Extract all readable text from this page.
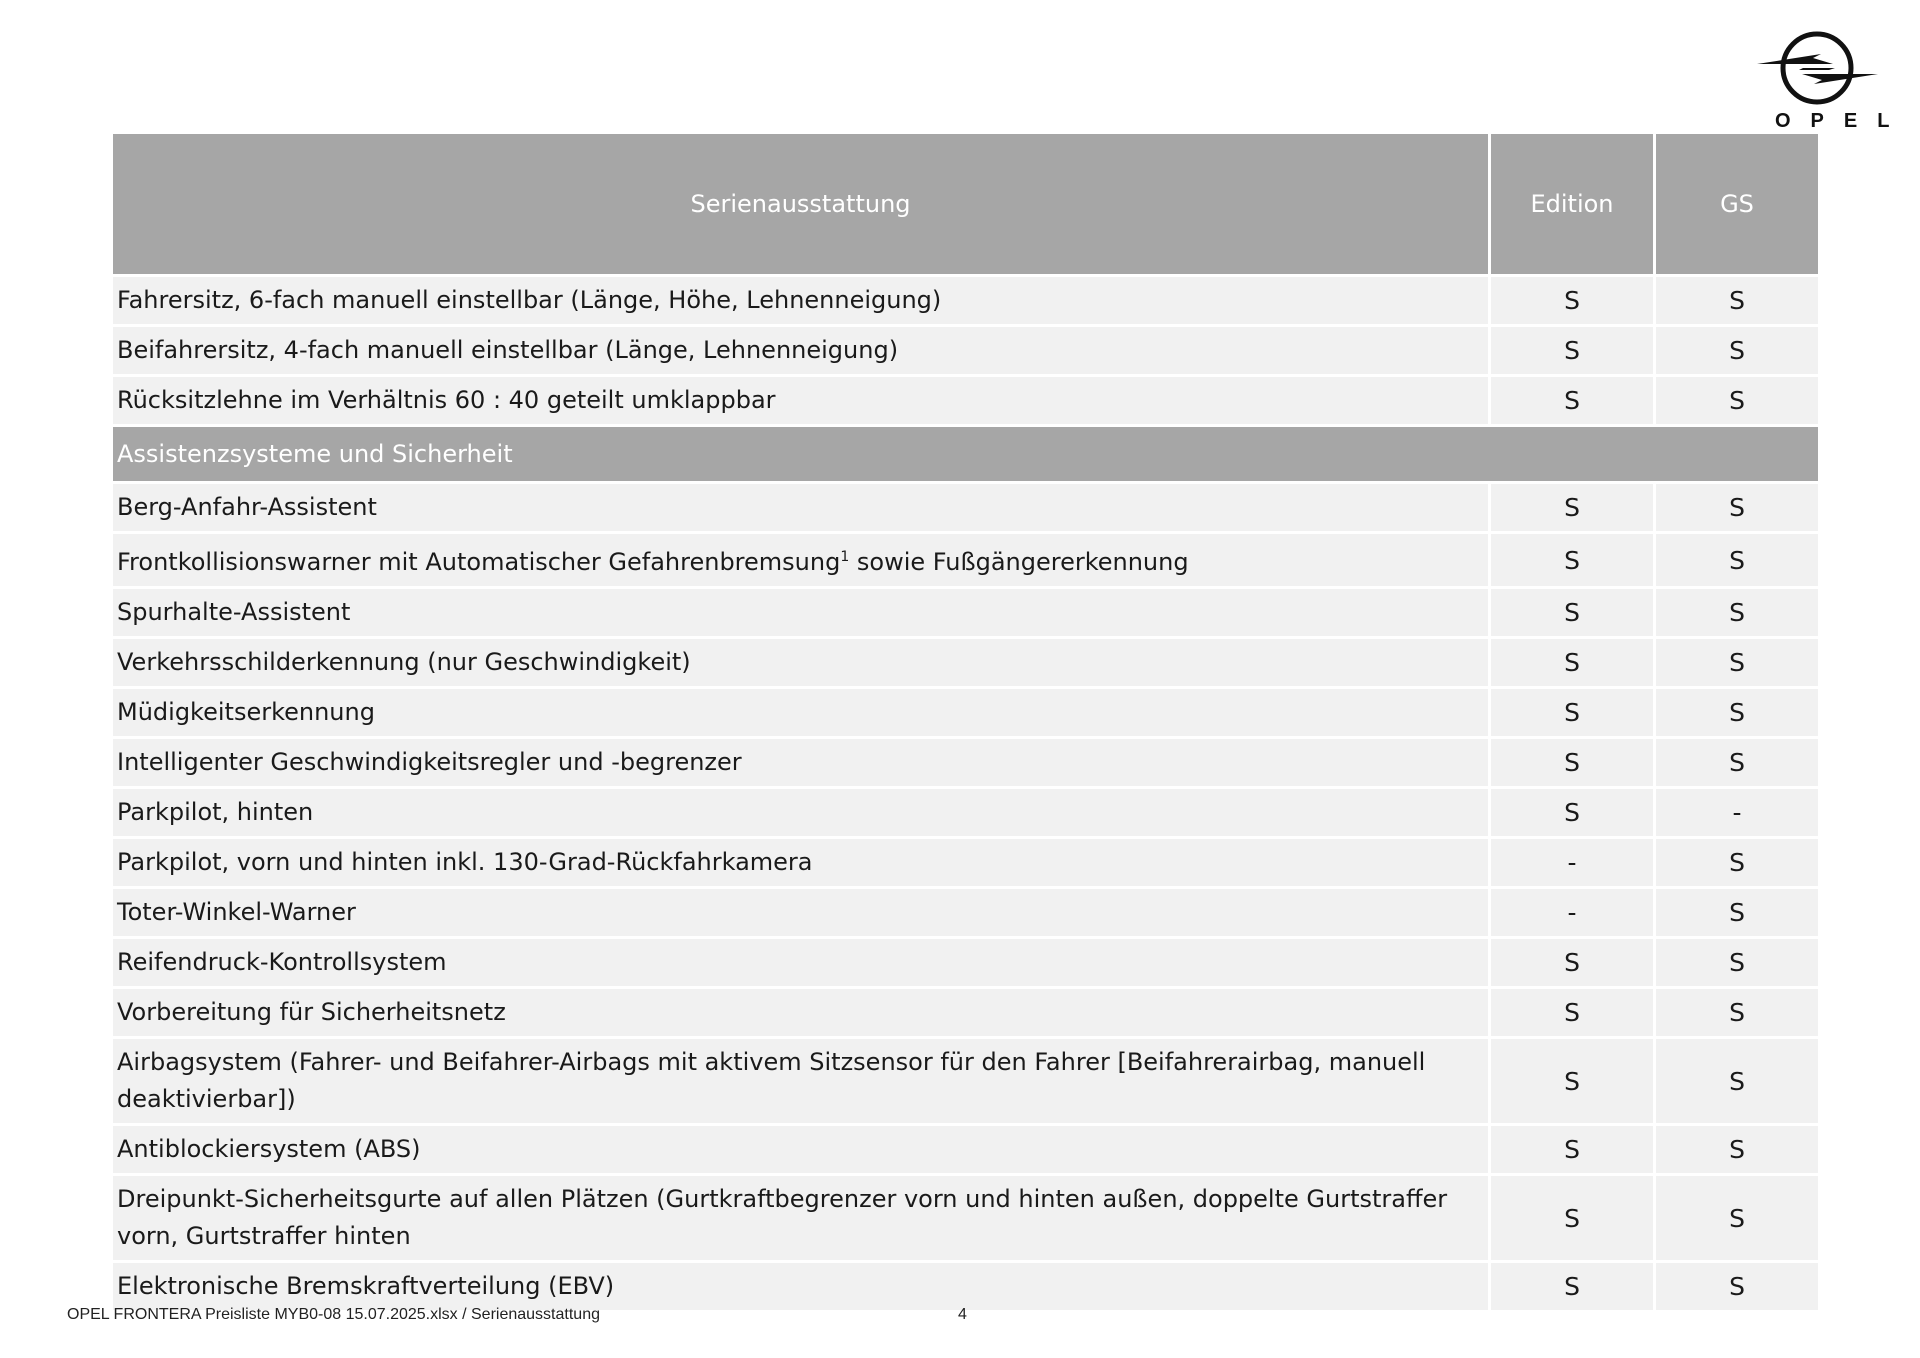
OPEL
Serienausstattung	Edition	GS
Fahrersitz, 6-fach manuell einstellbar (Länge, Höhe, Lehnenneigung)	S	S
Beifahrersitz, 4-fach manuell einstellbar (Länge, Lehnenneigung)	S	S
Rücksitzlehne im Verhältnis 60 : 40 geteilt umklappbar	S	S
Assistenzsysteme und Sicherheit		
Berg-Anfahr-Assistent	S	S
Frontkollisionswarner mit Automatischer Gefahrenbremsung$^1$ sowie Fußgängererkennung	S	S
Spurhalte-Assistent	S	S
Verkehrsschilderkennung (nur Geschwindigkeit)	S	S
Müdigkeitserkennung	S	S
Intelligenter Geschwindigkeitsregler und -begrenzer	S	S
Parkpilot, hinten	S	-
Parkpilot, vorn und hinten inkl. 130-Grad-Rückfahrkamera	-	S
Toter-Winkel-Warner	-	S
Reifendruck-Kontrollsystem	S	S
Vorbereitung für Sicherheitsnetz	S	S
Airbagsystem (Fahrer- und Beifahrer-Airbags mit aktivem Sitzsensor für den Fahrer [Beifahrerairbag, manuell deaktivierbar])	S	S
Antiblockiersystem (ABS)	S	S
Dreipunkt-Sicherheitsgurte auf allen Plätzen (Gurtkraftbegrenzer vorn und hinten außen, doppelte Gurtstraffer vorn, Gurtstraffer hinten	S	S
Elektronische Bremskraftverteilung (EBV)	S	S
OPEL FRONTERA Preisliste MYB0-08 15.07.2025.xlsx / Serienausstattung	4
